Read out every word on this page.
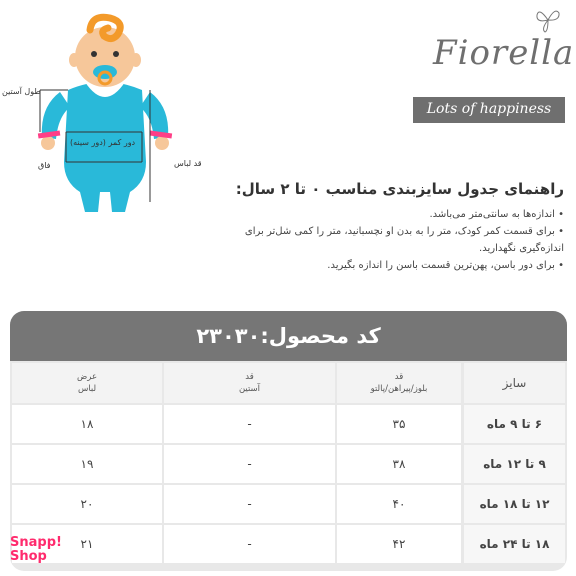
طول آستین
دور کمر (دور سینه)
فاق	قد لباس
Fiorella
Lots of happiness

راهنمای جدول سایزبندی مناسب ۰ تا ۲ سال:

• اندازه‌ها به سانتی‌متر می‌باشد.
• برای قسمت کمر کودک، متر را به بدن او نچسبانید، متر را کمی شل‌تر برای اندازه‌گیری نگهدارید.
• برای دور باسن، پهن‌ترین قسمت باسن را اندازه بگیرید.
کد محصول:۲۳۰۳۰
سایز
قد
بلوز/پیراهن/پالتو
قد
آستین
عرض
لباس
۶ تا ۹ ماه
۳۵
-
۱۸
۹ تا ۱۲ ماه
۳۸
-
۱۹
۱۲ تا ۱۸ ماه
۴۰
-
۲۰
۱۸ تا ۲۴ ماه
۴۲
-
۲۱
Snapp!
Shop
